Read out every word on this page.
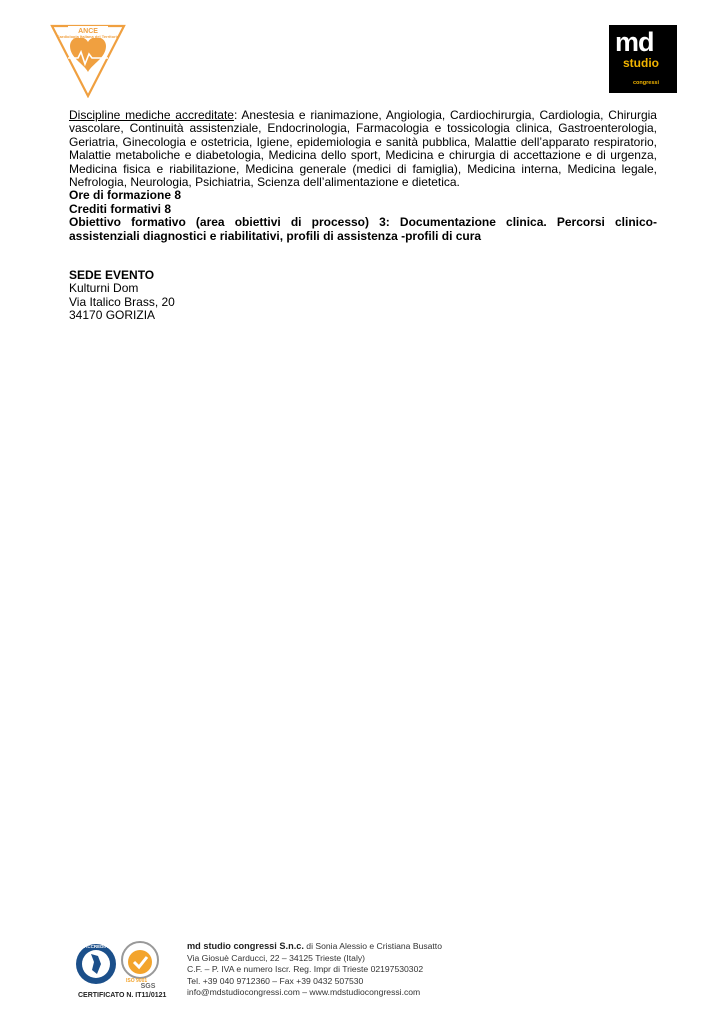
ANCE
Cardiologia Italiana del Territorio	md
studio
congressi

Discipline mediche accreditate: Anestesia e rianimazione, Angiologia, Cardiochirurgia, Cardiologia, Chirurgia vascolare, Continuità assistenziale, Endocrinologia, Farmacologia e tossicologia clinica, Gastroenterologia, Geriatria, Ginecologia e ostetricia, Igiene, epidemiologia e sanità pubblica, Malattie dell’apparato respiratorio, Malattie metaboliche e diabetologia, Medicina dello sport, Medicina e chirurgia di accettazione e di urgenza, Medicina fisica e riabilitazione, Medicina generale (medici di famiglia), Medicina interna, Medicina legale, Nefrologia, Neurologia, Psichiatria, Scienza dell’alimentazione e dietetica.

Ore di formazione 8

Crediti formativi 8

Obiettivo formativo (area obiettivi di processo) 3: Documentazione clinica. Percorsi clinico-assistenziali diagnostici e riabilitativi, profili di assistenza -profili di cura

SEDE EVENTO

Kulturni Dom

Via Italico Brass, 20

34170 GORIZIA

ACCREDIA
ISO 9001
SGS
CERTIFICATO N. IT11/0121
md studio congressi S.n.c. di Sonia Alessio e Cristiana Busatto
Via Giosuè Carducci, 22 – 34125 Trieste (Italy)
C.F. – P. IVA e numero Iscr. Reg. Impr di Trieste 02197530302
Tel. +39 040 9712360 – Fax +39 0432 507530
info@mdstudiocongressi.com – www.mdstudiocongressi.com
